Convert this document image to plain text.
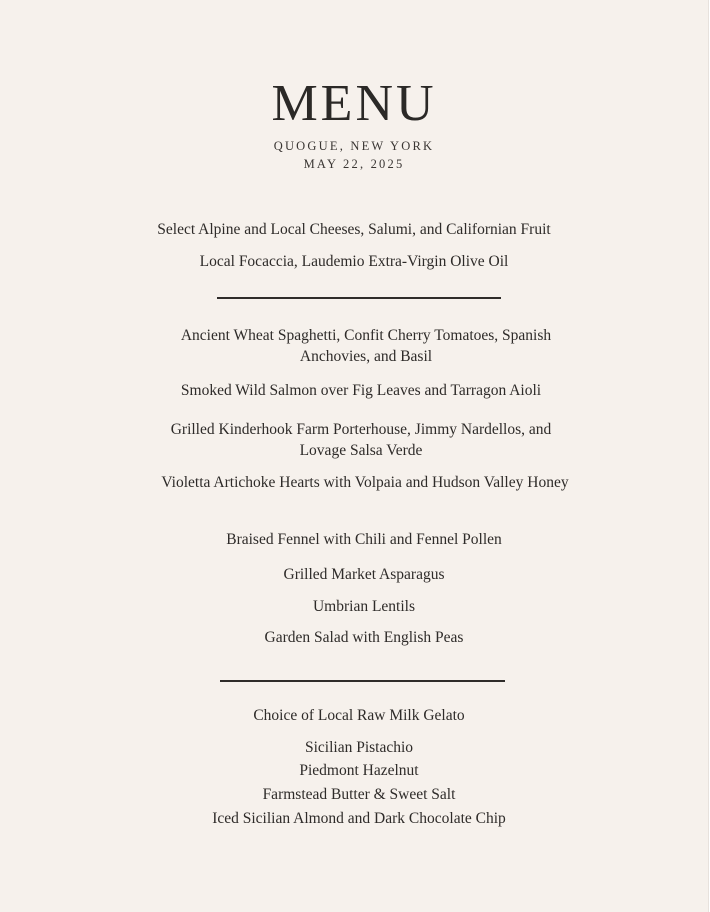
MENU
QUOGUE, NEW YORK
MAY 22, 2025
Select Alpine and Local Cheeses, Salumi, and Californian Fruit
Local Focaccia, Laudemio Extra-Virgin Olive Oil
Ancient Wheat Spaghetti, Confit Cherry Tomatoes, Spanish Anchovies, and Basil
Smoked Wild Salmon over Fig Leaves and Tarragon Aioli
Grilled Kinderhook Farm Porterhouse, Jimmy Nardellos, and Lovage Salsa Verde
Violetta Artichoke Hearts with Volpaia and Hudson Valley Honey
Braised Fennel with Chili and Fennel Pollen
Grilled Market Asparagus
Umbrian Lentils
Garden Salad with English Peas
Choice of Local Raw Milk Gelato
Sicilian Pistachio
Piedmont Hazelnut
Farmstead Butter & Sweet Salt
Iced Sicilian Almond and Dark Chocolate Chip
